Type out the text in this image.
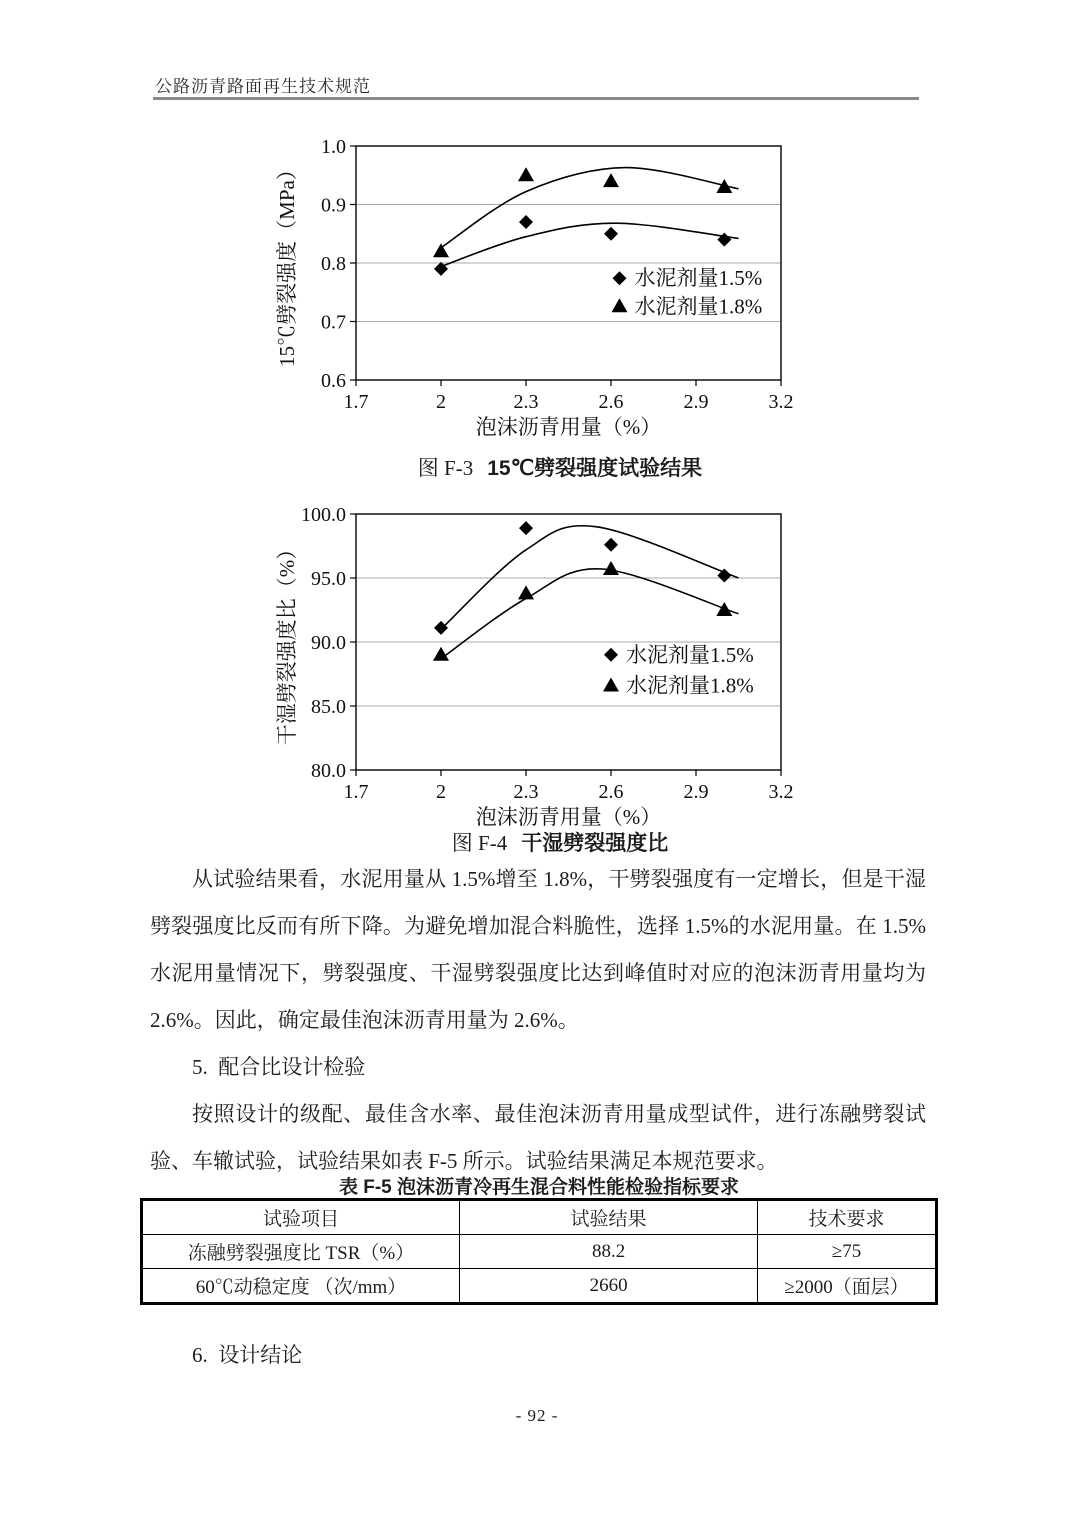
公路沥青路面再生技术规范
0.6
0.7
0.8
0.9
1.0
1.7	2	2.3	2.6	2.9	3.2
泡沫沥青用量（%）
15℃劈裂强度（MPa）	水泥剂量1.5%
水泥剂量1.8%
图 F-3 15℃劈裂强度试验结果
80.0
85.0
90.0
95.0
100.0
1.7	2	2.3	2.6	2.9	3.2
泡沫沥青用量（%）
干湿劈裂强度比（%）	水泥剂量1.5%
水泥剂量1.8%
图 F-4 干湿劈裂强度比

从试验结果看，水泥用量从 1.5%增至 1.8%，干劈裂强度有一定增长，但是干湿劈裂强度比反而有所下降。为避免增加混合料脆性，选择 1.5%的水泥用量。在 1.5%水泥用量情况下，劈裂强度、干湿劈裂强度比达到峰值时对应的泡沫沥青用量均为 2.6%。因此，确定最佳泡沫沥青用量为 2.6%。

5.  配合比设计检验

按照设计的级配、最佳含水率、最佳泡沫沥青用量成型试件，进行冻融劈裂试验、车辙试验，试验结果如表 F-5 所示。试验结果满足本规范要求。

表 F-5 泡沫沥青冷再生混合料性能检验指标要求
试验项目	试验结果	技术要求
冻融劈裂强度比 TSR（%）	88.2	≥75
60℃动稳定度 （次/mm）	2660	≥2000（面层）

6.  设计结论

- 92 -
